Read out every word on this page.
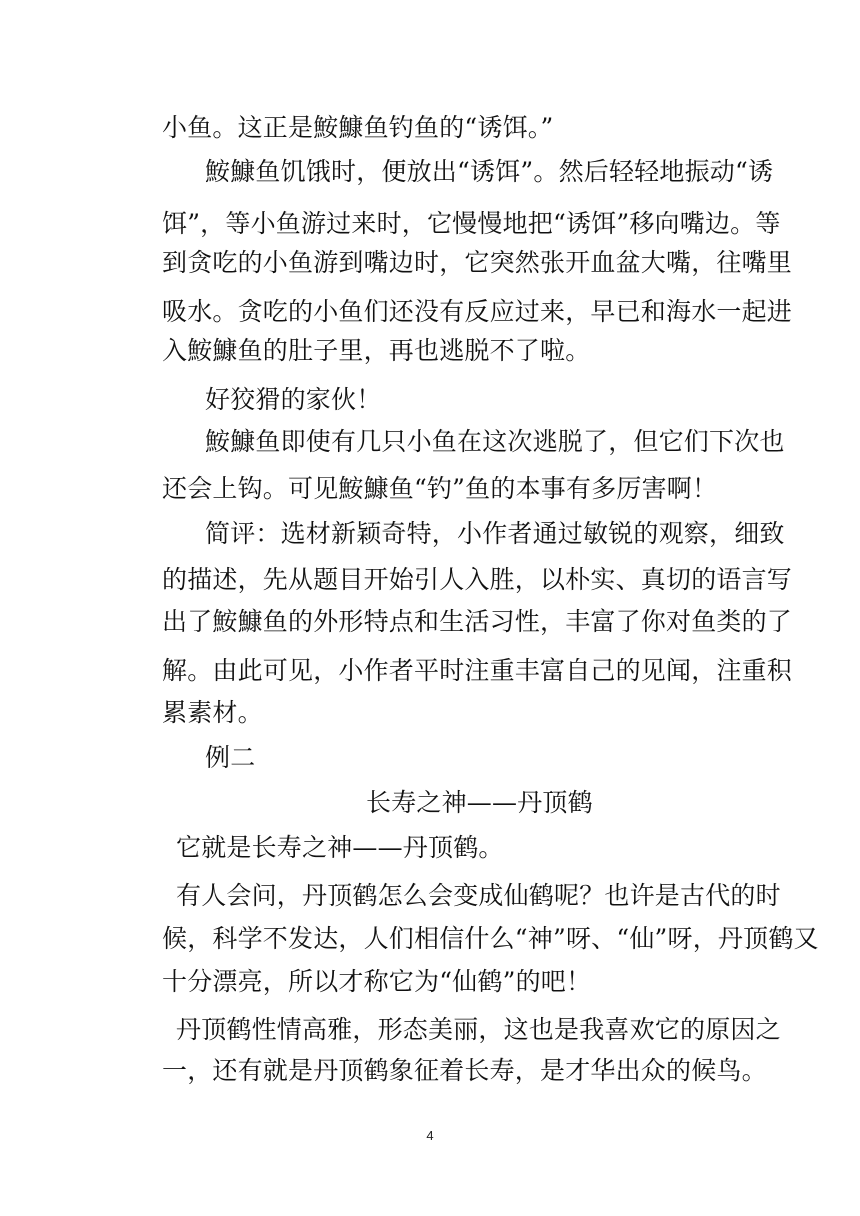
小鱼。这正是鮟鱇鱼钓鱼的“诱饵。”
鮟鱇鱼饥饿时，便放出“诱饵”。然后轻轻地振动“诱
饵”，等小鱼游过来时，它慢慢地把“诱饵”移向嘴边。等
到贪吃的小鱼游到嘴边时，它突然张开血盆大嘴，往嘴里
吸水。贪吃的小鱼们还没有反应过来，早已和海水一起进
入鮟鱇鱼的肚子里，再也逃脱不了啦。
好狡猾的家伙！
鮟鱇鱼即使有几只小鱼在这次逃脱了，但它们下次也
还会上钩。可见鮟鱇鱼“钓”鱼的本事有多厉害啊！
简评：选材新颖奇特，小作者通过敏锐的观察，细致
的描述，先从题目开始引人入胜，以朴实、真切的语言写
出了鮟鱇鱼的外形特点和生活习性，丰富了你对鱼类的了
解。由此可见，小作者平时注重丰富自己的见闻，注重积
累素材。
例二
长寿之神——丹顶鹤
它就是长寿之神——丹顶鹤。
有人会问，丹顶鹤怎么会变成仙鹤呢？也许是古代的时
候，科学不发达，人们相信什么“神”呀、“仙”呀，丹顶鹤又
十分漂亮，所以才称它为“仙鹤”的吧！
丹顶鹤性情高雅，形态美丽，这也是我喜欢它的原因之
一，还有就是丹顶鹤象征着长寿，是才华出众的候鸟。
4
